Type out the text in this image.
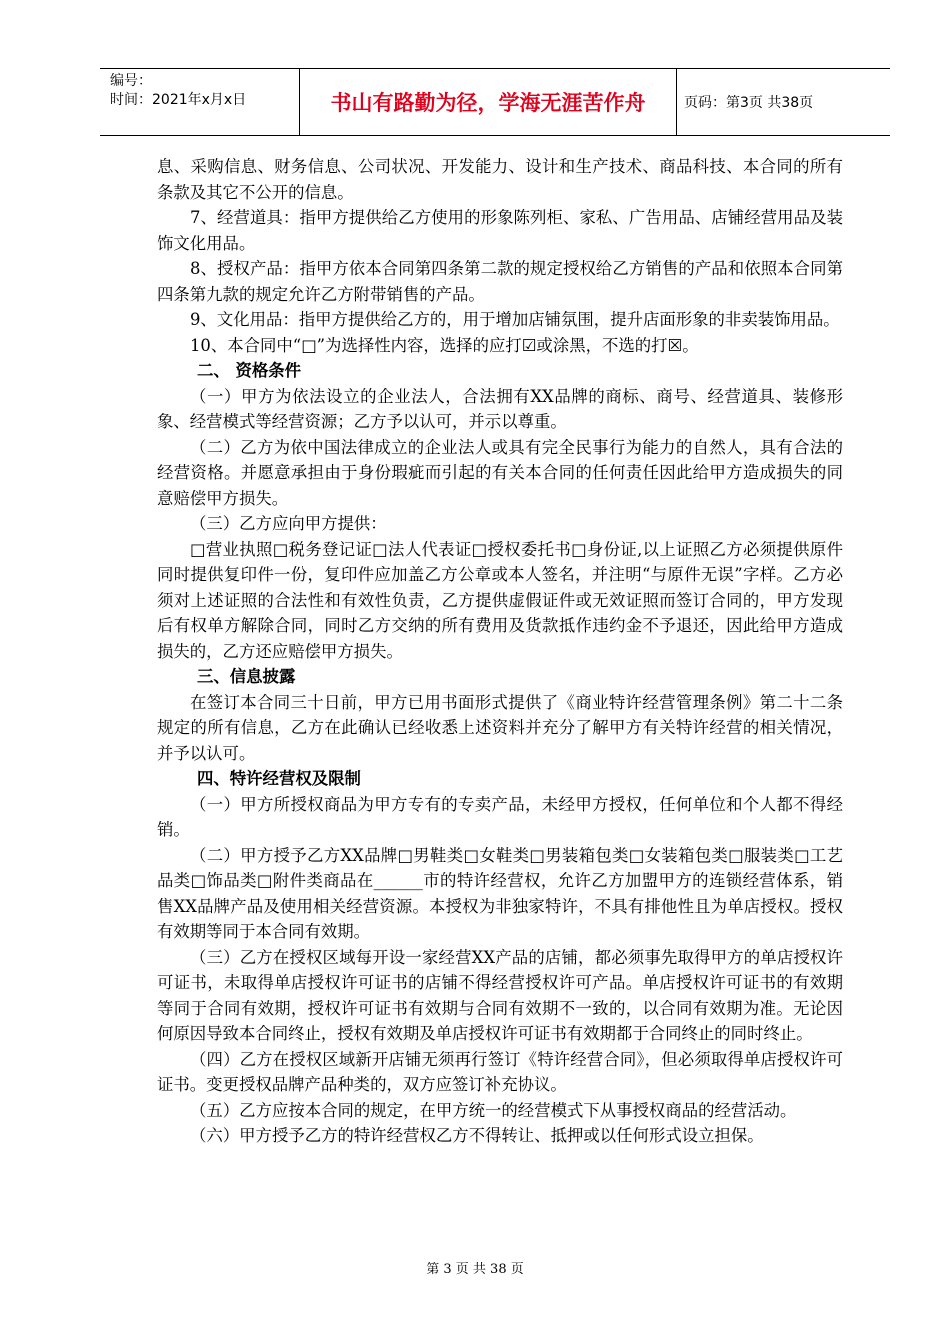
编号：
时间：2021年x月x日	书山有路勤为径，学海无涯苦作舟	页码：第3页 共38页

息、采购信息、财务信息、公司状况、开发能力、设计和生产技术、商品科技、本合同的所有条款及其它不公开的信息。

7、经营道具：指甲方提供给乙方使用的形象陈列柜、家私、广告用品、店铺经营用品及装饰文化用品。

8、授权产品：指甲方依本合同第四条第二款的规定授权给乙方销售的产品和依照本合同第四条第九款的规定允许乙方附带销售的产品。

9、文化用品：指甲方提供给乙方的，用于增加店铺氛围，提升店面形象的非卖装饰用品。

10、本合同中“□”为选择性内容，选择的应打☑或涂黑，不选的打☒。

二、 资格条件

（一）甲方为依法设立的企业法人，合法拥有XX品牌的商标、商号、经营道具、装修形象、经营模式等经营资源；乙方予以认可，并示以尊重。

（二）乙方为依中国法律成立的企业法人或具有完全民事行为能力的自然人，具有合法的经营资格。并愿意承担由于身份瑕疵而引起的有关本合同的任何责任因此给甲方造成损失的同意赔偿甲方损失。

（三）乙方应向甲方提供：

□营业执照□税务登记证□法人代表证□授权委托书□身份证,以上证照乙方必须提供原件同时提供复印件一份，复印件应加盖乙方公章或本人签名，并注明“与原件无误”字样。乙方必须对上述证照的合法性和有效性负责，乙方提供虚假证件或无效证照而签订合同的，甲方发现后有权单方解除合同，同时乙方交纳的所有费用及货款抵作违约金不予退还，因此给甲方造成损失的，乙方还应赔偿甲方损失。

三、信息披露

在签订本合同三十日前，甲方已用书面形式提供了《商业特许经营管理条例》第二十二条规定的所有信息，乙方在此确认已经收悉上述资料并充分了解甲方有关特许经营的相关情况，并予以认可。

四、特许经营权及限制

（一）甲方所授权商品为甲方专有的专卖产品，未经甲方授权，任何单位和个人都不得经销。

（二）甲方授予乙方XX品牌□男鞋类□女鞋类□男装箱包类□女装箱包类□服装类□工艺品类□饰品类□附件类商品在______市的特许经营权，允许乙方加盟甲方的连锁经营体系，销售XX品牌产品及使用相关经营资源。本授权为非独家特许，不具有排他性且为单店授权。授权有效期等同于本合同有效期。

（三）乙方在授权区域每开设一家经营XX产品的店铺，都必须事先取得甲方的单店授权许可证书，未取得单店授权许可证书的店铺不得经营授权许可产品。单店授权许可证书的有效期等同于合同有效期，授权许可证书有效期与合同有效期不一致的，以合同有效期为准。无论因何原因导致本合同终止，授权有效期及单店授权许可证书有效期都于合同终止的同时终止。

（四）乙方在授权区域新开店铺无须再行签订《特许经营合同》，但必须取得单店授权许可证书。变更授权品牌产品种类的，双方应签订补充协议。

（五）乙方应按本合同的规定，在甲方统一的经营模式下从事授权商品的经营活动。

（六）甲方授予乙方的特许经营权乙方不得转让、抵押或以任何形式设立担保。

第 3 页 共 38 页
